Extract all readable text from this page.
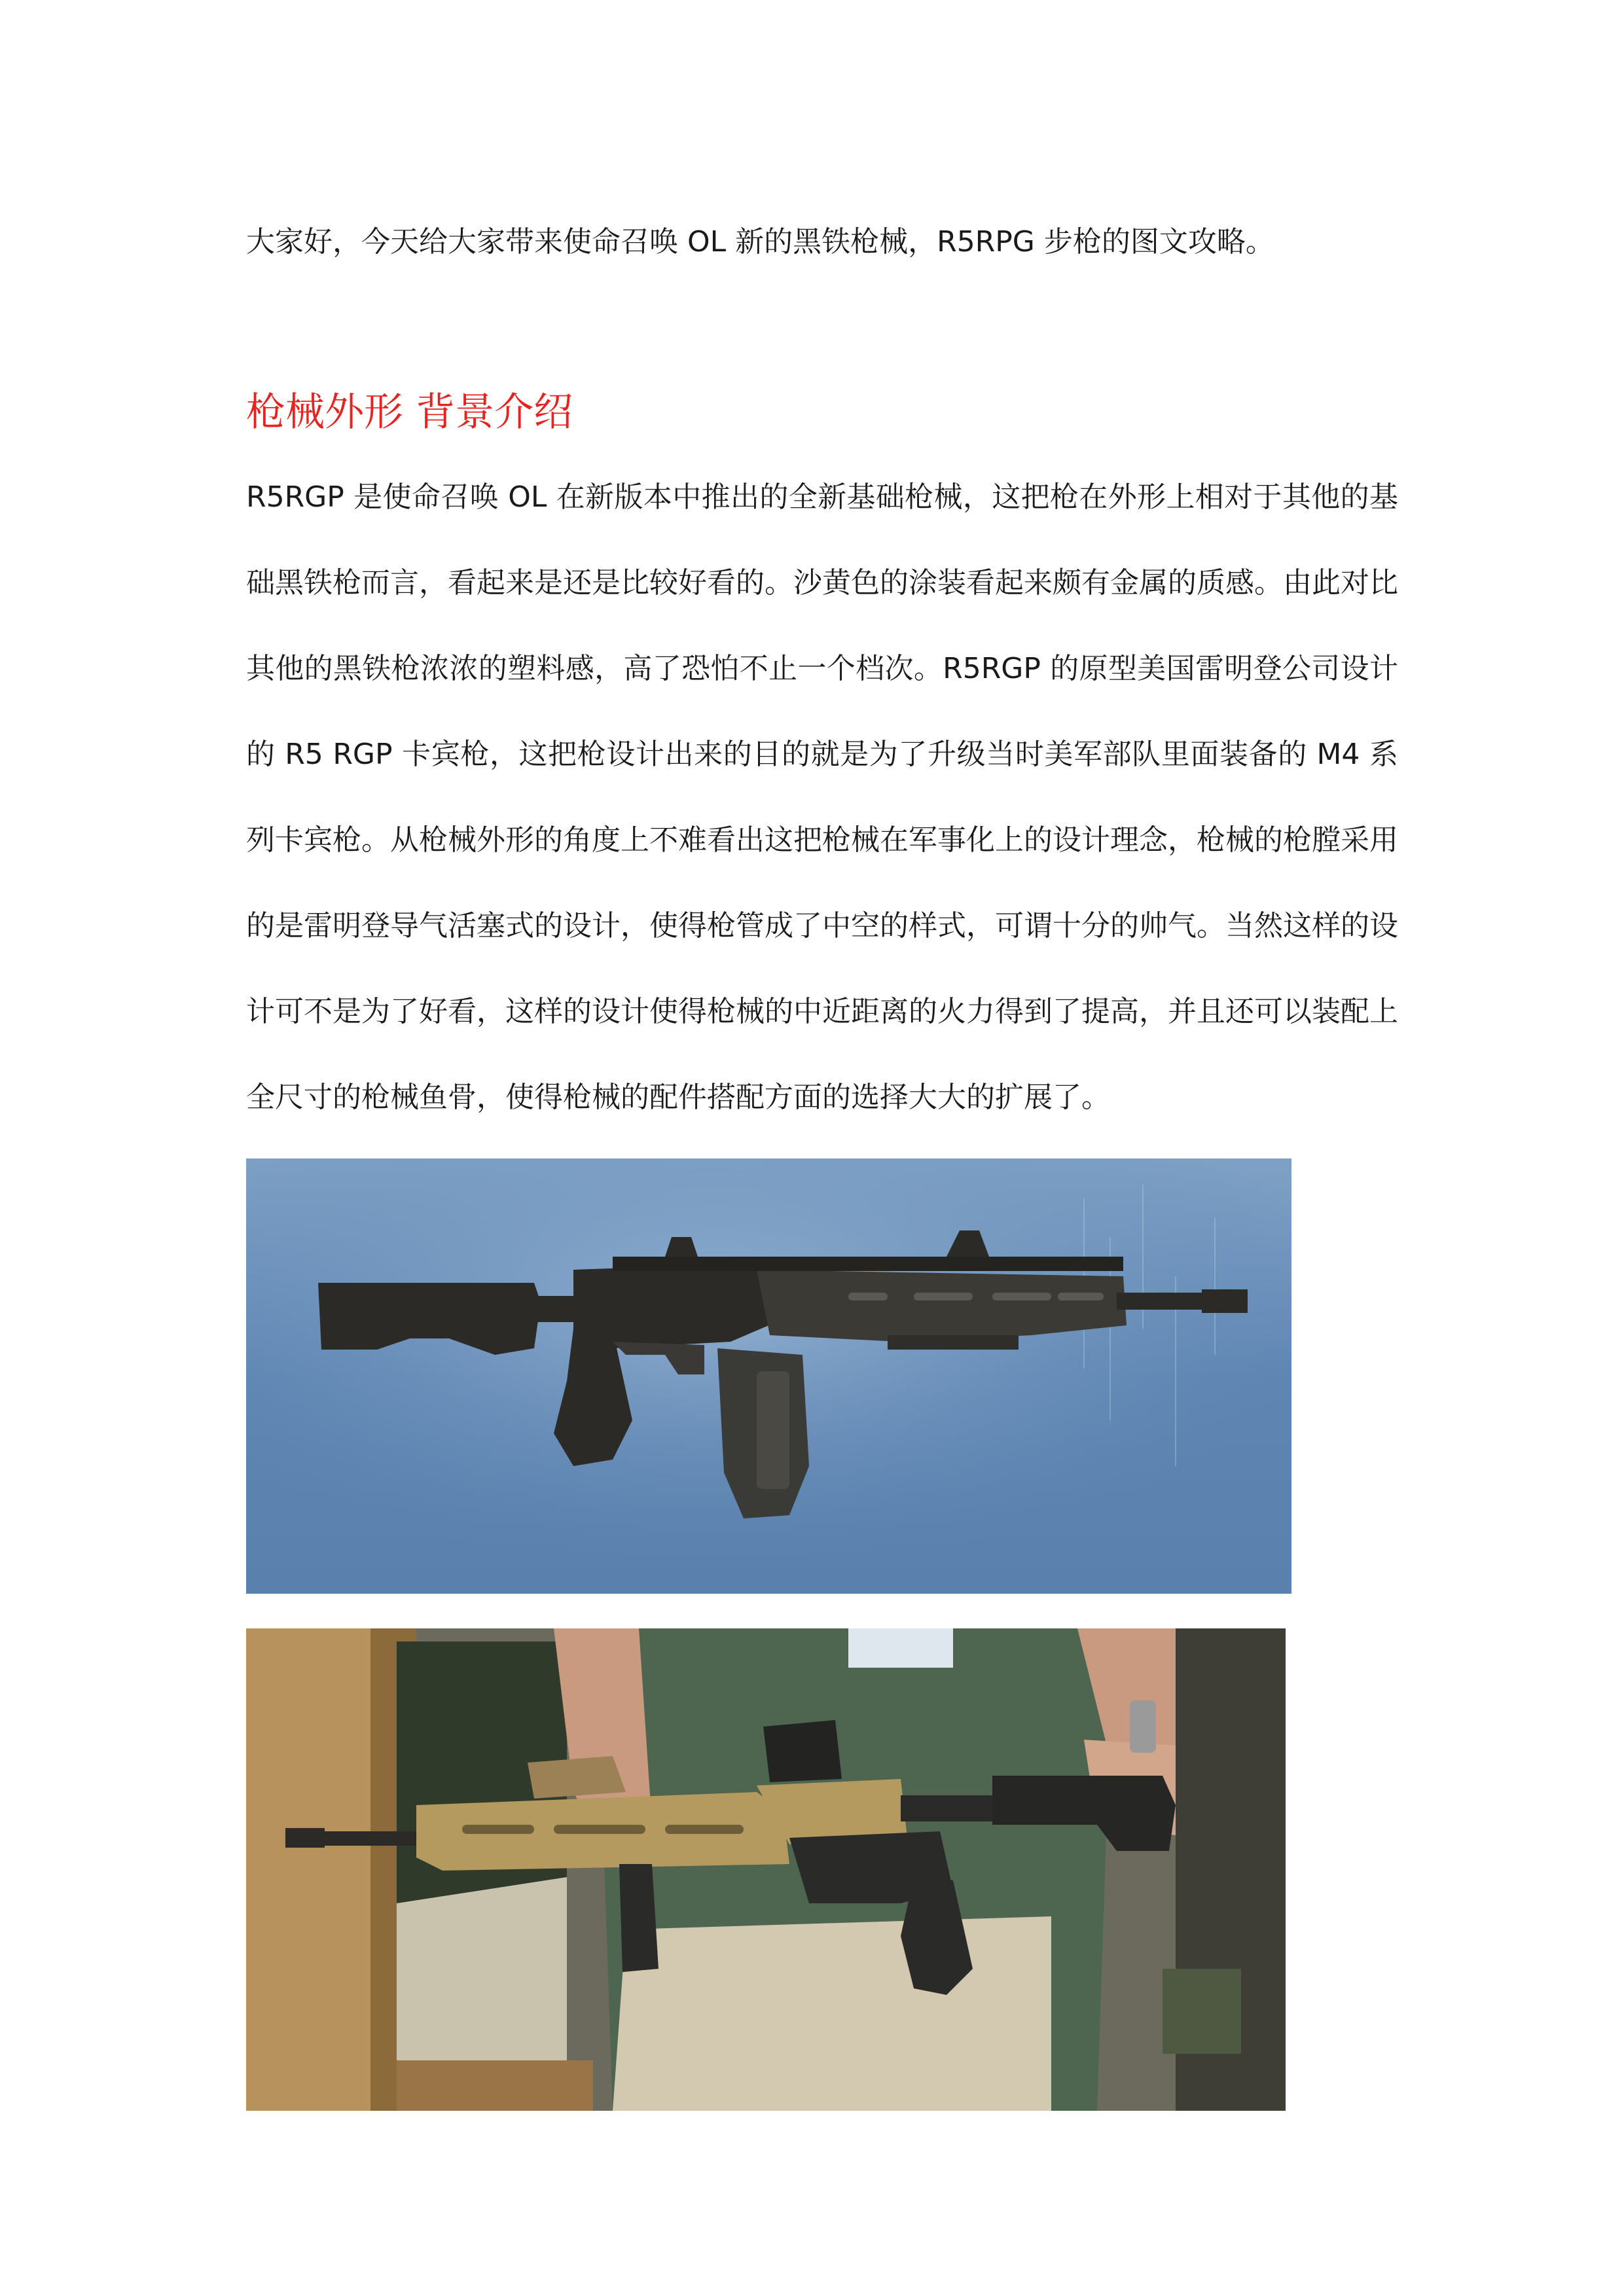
大家好，今天给大家带来使命召唤 OL 新的黑铁枪械，R5RPG 步枪的图文攻略。

枪械外形 背景介绍

R5RGP 是使命召唤 OL 在新版本中推出的全新基础枪械，这把枪在外形上相对于其他的基

础黑铁枪而言，看起来是还是比较好看的。沙黄色的涂装看起来颇有金属的质感。由此对比

其他的黑铁枪浓浓的塑料感，高了恐怕不止一个档次。R5RGP 的原型美国雷明登公司设计

的 R5 RGP 卡宾枪，这把枪设计出来的目的就是为了升级当时美军部队里面装备的 M4 系

列卡宾枪。从枪械外形的角度上不难看出这把枪械在军事化上的设计理念，枪械的枪膛采用

的是雷明登导气活塞式的设计，使得枪管成了中空的样式，可谓十分的帅气。当然这样的设

计可不是为了好看，这样的设计使得枪械的中近距离的火力得到了提高，并且还可以装配上

全尺寸的枪械鱼骨，使得枪械的配件搭配方面的选择大大的扩展了。
